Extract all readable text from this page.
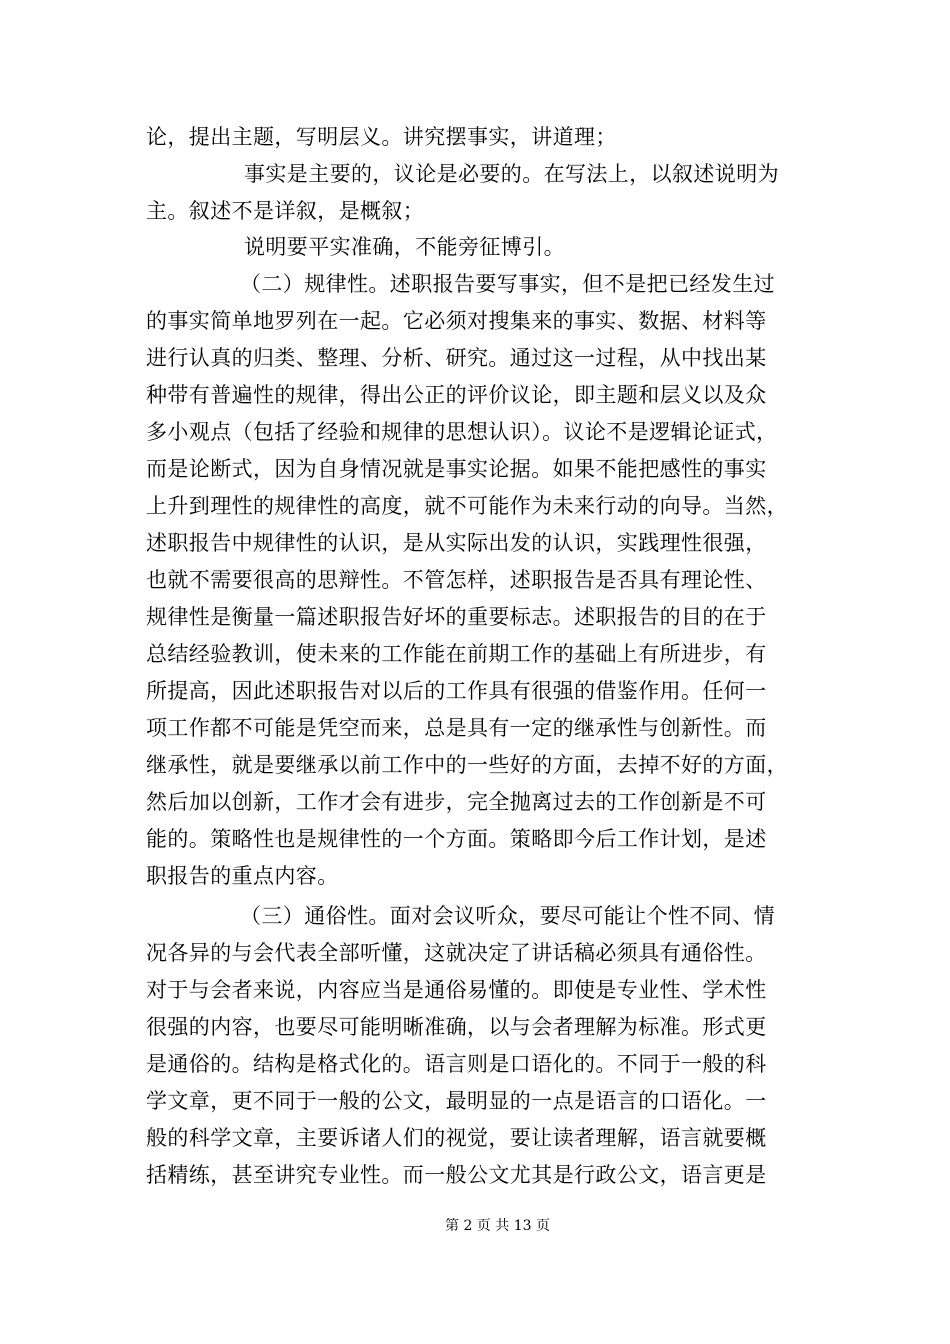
论，提出主题，写明层义。讲究摆事实，讲道理；
事实是主要的，议论是必要的。在写法上，以叙述说明为
主。叙述不是详叙，是概叙；
说明要平实准确，不能旁征博引。
（二）规律性。述职报告要写事实，但不是把已经发生过
的事实简单地罗列在一起。它必须对搜集来的事实、数据、材料等
进行认真的归类、整理、分析、研究。通过这一过程，从中找出某
种带有普遍性的规律，得出公正的评价议论，即主题和层义以及众
多小观点（包括了经验和规律的思想认识）。议论不是逻辑论证式，
而是论断式，因为自身情况就是事实论据。如果不能把感性的事实
上升到理性的规律性的高度，就不可能作为未来行动的向导。当然，
述职报告中规律性的认识，是从实际出发的认识，实践理性很强，
也就不需要很高的思辩性。不管怎样，述职报告是否具有理论性、
规律性是衡量一篇述职报告好坏的重要标志。述职报告的目的在于
总结经验教训，使未来的工作能在前期工作的基础上有所进步，有
所提高，因此述职报告对以后的工作具有很强的借鉴作用。任何一
项工作都不可能是凭空而来，总是具有一定的继承性与创新性。而
继承性，就是要继承以前工作中的一些好的方面，去掉不好的方面，
然后加以创新，工作才会有进步，完全抛离过去的工作创新是不可
能的。策略性也是规律性的一个方面。策略即今后工作计划，是述
职报告的重点内容。
（三）通俗性。面对会议听众，要尽可能让个性不同、情
况各异的与会代表全部听懂，这就决定了讲话稿必须具有通俗性。
对于与会者来说，内容应当是通俗易懂的。即使是专业性、学术性
很强的内容，也要尽可能明晰准确，以与会者理解为标准。形式更
是通俗的。结构是格式化的。语言则是口语化的。不同于一般的科
学文章，更不同于一般的公文，最明显的一点是语言的口语化。一
般的科学文章，主要诉诸人们的视觉，要让读者理解，语言就要概
括精练，甚至讲究专业性。而一般公文尤其是行政公文，语言更是
第 2 页 共 13 页
